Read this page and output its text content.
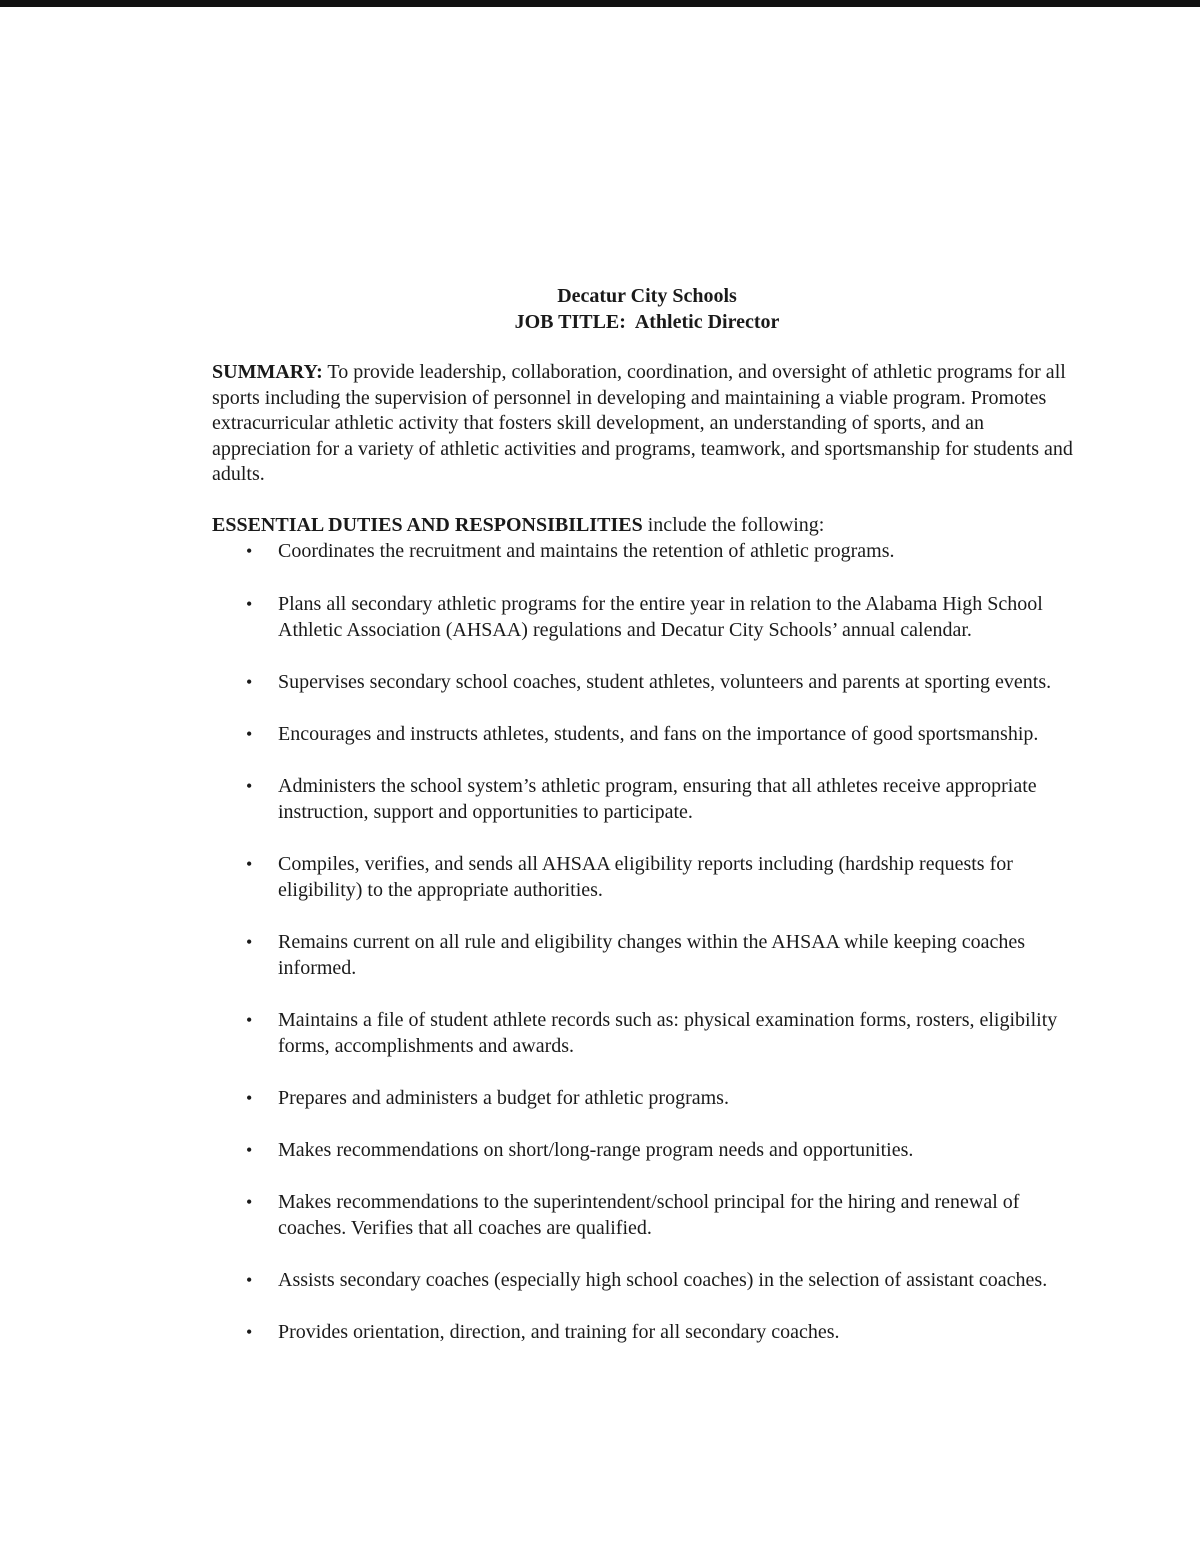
Decatur City Schools
JOB TITLE:  Athletic Director
SUMMARY: To provide leadership, collaboration, coordination, and oversight of athletic programs for all sports including the supervision of personnel in developing and maintaining a viable program. Promotes extracurricular athletic activity that fosters skill development, an understanding of sports, and an appreciation for a variety of athletic activities and programs, teamwork, and sportsmanship for students and adults.
ESSENTIAL DUTIES AND RESPONSIBILITIES include the following:
• Coordinates the recruitment and maintains the retention of athletic programs.
• Plans all secondary athletic programs for the entire year in relation to the Alabama High School Athletic Association (AHSAA) regulations and Decatur City Schools’ annual calendar.
• Supervises secondary school coaches, student athletes, volunteers and parents at sporting events.
• Encourages and instructs athletes, students, and fans on the importance of good sportsmanship.
• Administers the school system’s athletic program, ensuring that all athletes receive appropriate instruction, support and opportunities to participate.
• Compiles, verifies, and sends all AHSAA eligibility reports including (hardship requests for eligibility) to the appropriate authorities.
• Remains current on all rule and eligibility changes within the AHSAA while keeping coaches informed.
• Maintains a file of student athlete records such as: physical examination forms, rosters, eligibility forms, accomplishments and awards.
• Prepares and administers a budget for athletic programs.
• Makes recommendations on short/long-range program needs and opportunities.
• Makes recommendations to the superintendent/school principal for the hiring and renewal of coaches. Verifies that all coaches are qualified.
• Assists secondary coaches (especially high school coaches) in the selection of assistant coaches.
• Provides orientation, direction, and training for all secondary coaches.
